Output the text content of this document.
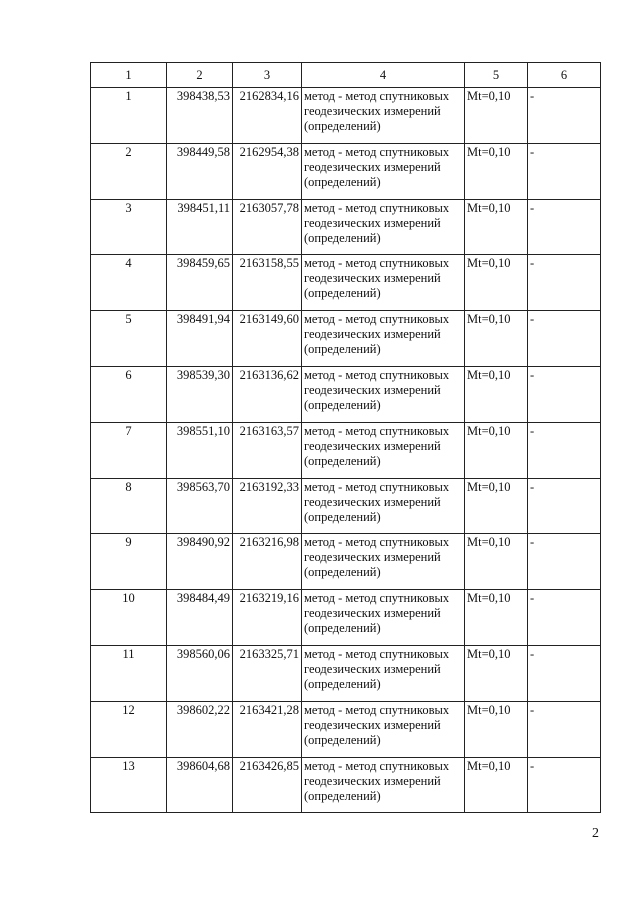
1	2	3	4	5	6
1	398438,53	2162834,16	метод - метод спутниковых геодезических измерений (определений)	Mt=0,10	-
2	398449,58	2162954,38	метод - метод спутниковых геодезических измерений (определений)	Mt=0,10	-
3	398451,11	2163057,78	метод - метод спутниковых геодезических измерений (определений)	Mt=0,10	-
4	398459,65	2163158,55	метод - метод спутниковых геодезических измерений (определений)	Mt=0,10	-
5	398491,94	2163149,60	метод - метод спутниковых геодезических измерений (определений)	Mt=0,10	-
6	398539,30	2163136,62	метод - метод спутниковых геодезических измерений (определений)	Mt=0,10	-
7	398551,10	2163163,57	метод - метод спутниковых геодезических измерений (определений)	Mt=0,10	-
8	398563,70	2163192,33	метод - метод спутниковых геодезических измерений (определений)	Mt=0,10	-
9	398490,92	2163216,98	метод - метод спутниковых геодезических измерений (определений)	Mt=0,10	-
10	398484,49	2163219,16	метод - метод спутниковых геодезических измерений (определений)	Mt=0,10	-
11	398560,06	2163325,71	метод - метод спутниковых геодезических измерений (определений)	Mt=0,10	-
12	398602,22	2163421,28	метод - метод спутниковых геодезических измерений (определений)	Mt=0,10	-
13	398604,68	2163426,85	метод - метод спутниковых геодезических измерений (определений)	Mt=0,10	-
2
